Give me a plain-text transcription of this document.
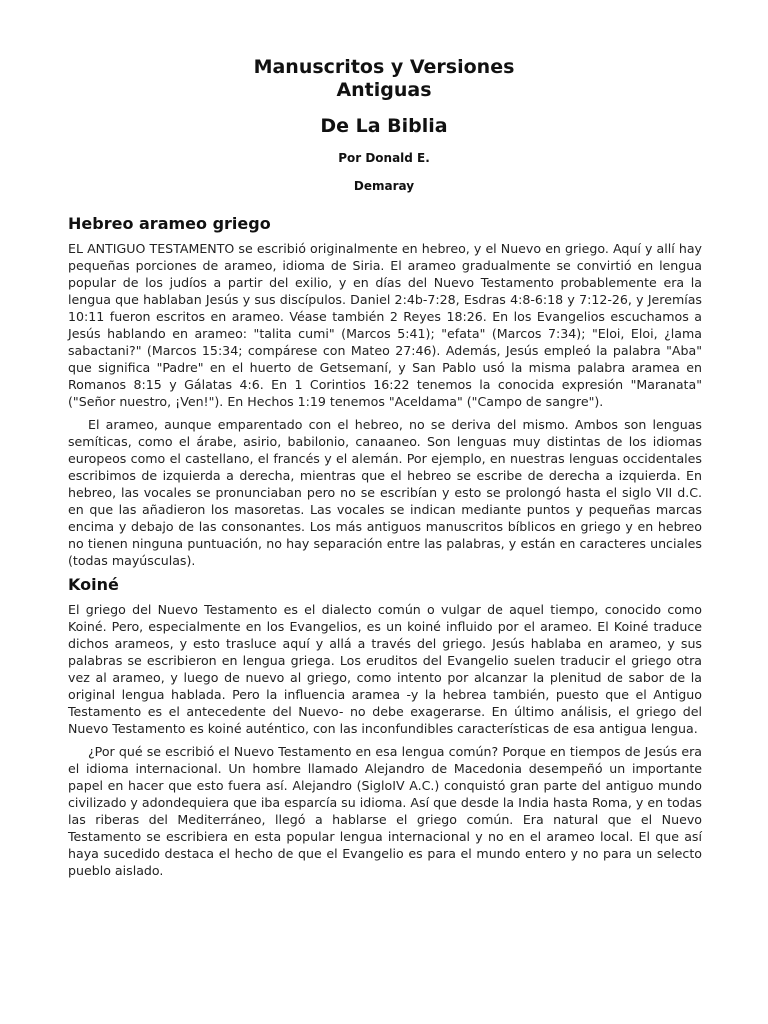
Manuscritos y Versiones
Antiguas
De La Biblia
Por Donald E.
Demaray
Hebreo arameo griego

EL ANTIGUO TESTAMENTO se escribió originalmente en hebreo, y el Nuevo en griego. Aquí y allí hay pequeñas porciones de arameo, idioma de Siria. El arameo gradualmente se convirtió en lengua popular de los judíos a partir del exilio, y en días del Nuevo Testamento probablemente era la lengua que hablaban Jesús y sus discípulos. Daniel 2:4b-7:28, Esdras 4:8-6:18 y 7:12-26, y Jeremías 10:11 fueron escritos en arameo. Véase también 2 Reyes 18:26. En los Evangelios escuchamos a Jesús hablando en arameo: "talita cumi" (Marcos 5:41); "efata" (Marcos 7:34); "Eloi, Eloi, ¿lama sabactani?" (Marcos 15:34; compárese con Mateo 27:46). Además, Jesús empleó la palabra "Aba" que significa "Padre" en el huerto de Getsemaní, y San Pablo usó la misma palabra aramea en Romanos 8:15 y Gálatas 4:6. En 1 Corintios 16:22 tenemos la conocida expresión "Maranata" ("Señor nuestro, ¡Ven!"). En Hechos 1:19 tenemos "Aceldama" ("Campo de sangre").

El arameo, aunque emparentado con el hebreo, no se deriva del mismo. Ambos son lenguas semíticas, como el árabe, asirio, babilonio, canaaneo. Son lenguas muy distintas de los idiomas europeos como el castellano, el francés y el alemán. Por ejemplo, en nuestras lenguas occidentales escribimos de izquierda a derecha, mientras que el hebreo se escribe de derecha a izquierda. En hebreo, las vocales se pronunciaban pero no se escribían y esto se prolongó hasta el siglo VII d.C. en que las añadieron los masoretas. Las vocales se indican mediante puntos y pequeñas marcas encima y debajo de las consonantes. Los más antiguos manuscritos bíblicos en griego y en hebreo no tienen ninguna puntuación, no hay separación entre las palabras, y están en caracteres unciales (todas mayúsculas).

Koiné

El griego del Nuevo Testamento es el dialecto común o vulgar de aquel tiempo, conocido como Koiné. Pero, especialmente en los Evangelios, es un koiné influido por el arameo. El Koiné traduce dichos arameos, y esto trasluce aquí y allá a través del griego. Jesús hablaba en arameo, y sus palabras se escribieron en lengua griega. Los eruditos del Evangelio suelen traducir el griego otra vez al arameo, y luego de nuevo al griego, como intento por alcanzar la plenitud de sabor de la original lengua hablada. Pero la influencia aramea -y la hebrea también, puesto que el Antiguo Testamento es el antecedente del Nuevo- no debe exagerarse. En último análisis, el griego del Nuevo Testamento es koiné auténtico, con las inconfundibles características de esa antigua lengua.

¿Por qué se escribió el Nuevo Testamento en esa lengua común? Porque en tiempos de Jesús era el idioma internacional. Un hombre llamado Alejandro de Macedonia desempeñó un importante papel en hacer que esto fuera así. Alejandro (SigloIV A.C.) conquistó gran parte del antiguo mundo civilizado y adondequiera que iba esparcía su idioma. Así que desde la India hasta Roma, y en todas las riberas del Mediterráneo, llegó a hablarse el griego común. Era natural que el Nuevo Testamento se escribiera en esta popular lengua internacional y no en el arameo local. El que así haya sucedido destaca el hecho de que el Evangelio es para el mundo entero y no para un selecto pueblo aislado.
